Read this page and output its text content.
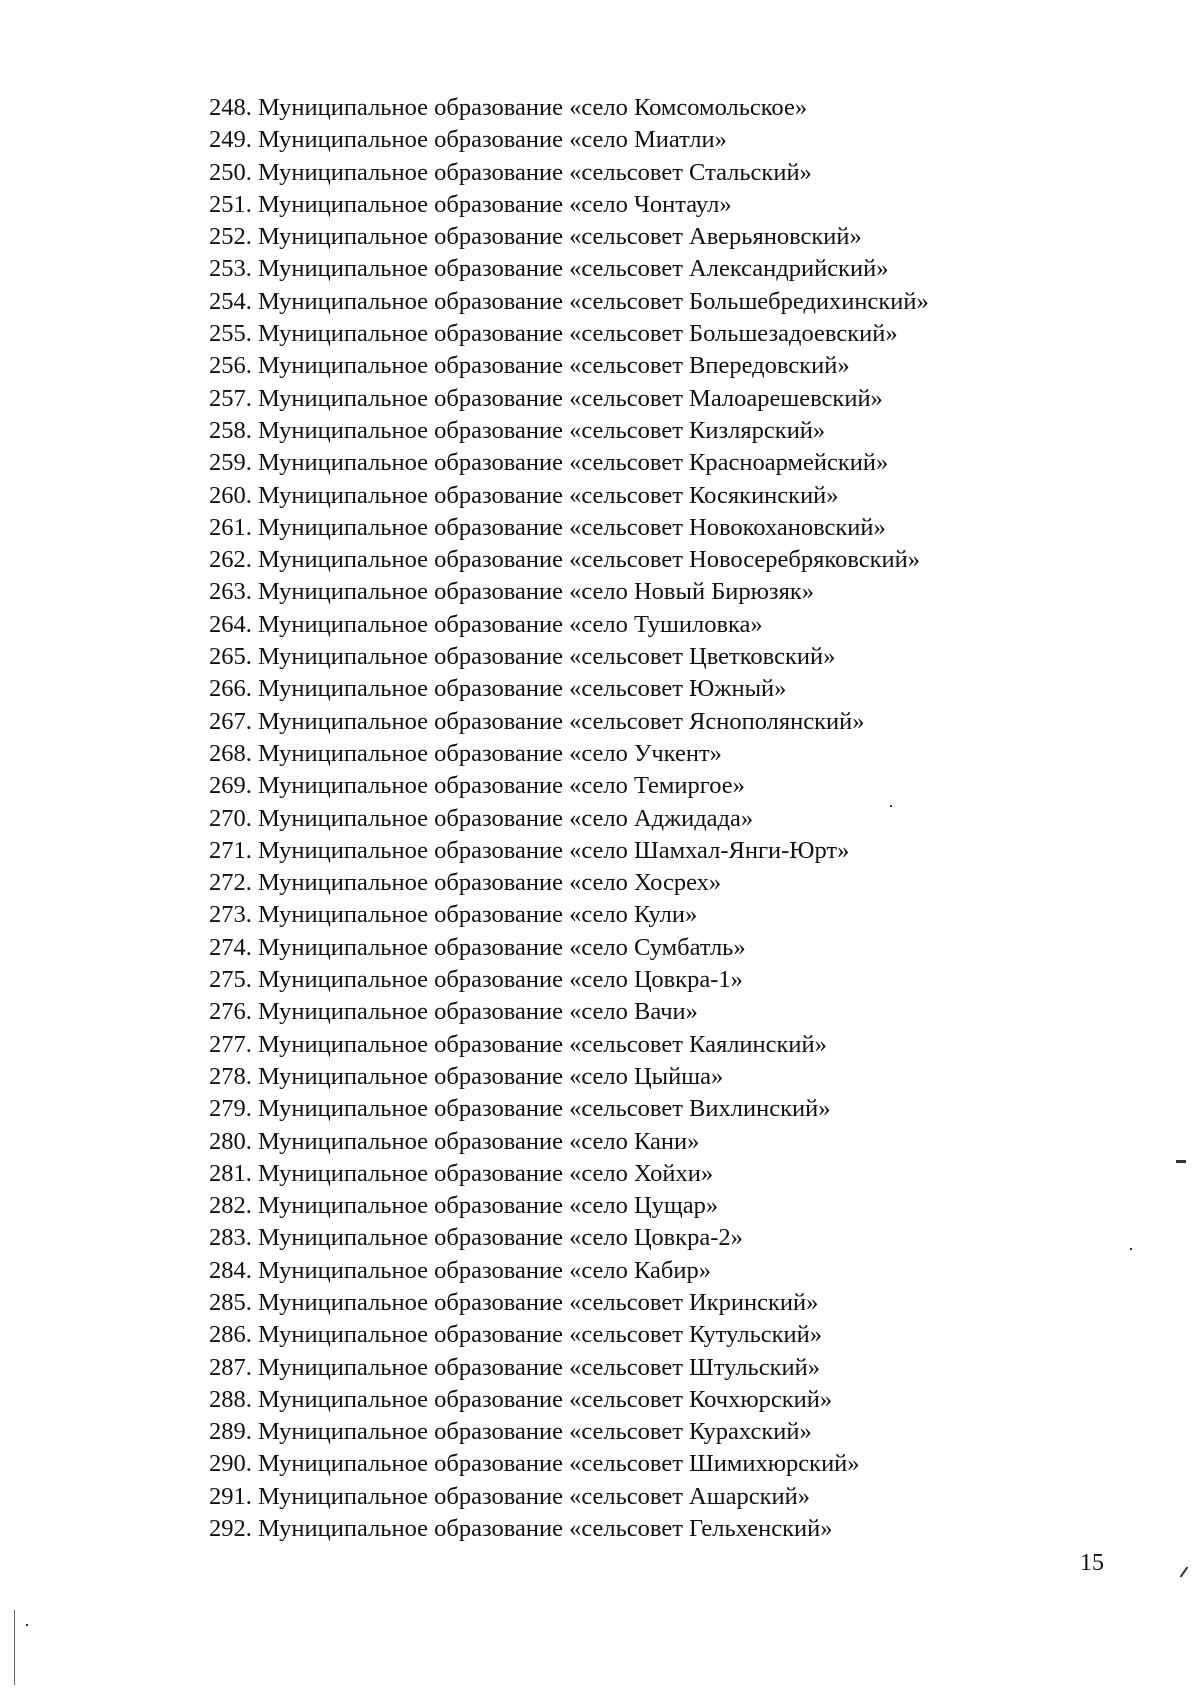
248. Муниципальное образование «село Комсомольское»
249. Муниципальное образование «село Миатли»
250. Муниципальное образование «сельсовет Стальский»
251. Муниципальное образование «село Чонтаул»
252. Муниципальное образование «сельсовет Аверьяновский»
253. Муниципальное образование «сельсовет Александрийский»
254. Муниципальное образование «сельсовет Большебредихинский»
255. Муниципальное образование «сельсовет Большезадоевский»
256. Муниципальное образование «сельсовет Впередовский»
257. Муниципальное образование «сельсовет Малоарешевский»
258. Муниципальное образование «сельсовет Кизлярский»
259. Муниципальное образование «сельсовет Красноармейский»
260. Муниципальное образование «сельсовет Косякинский»
261. Муниципальное образование «сельсовет Новокохановский»
262. Муниципальное образование «сельсовет Новосеребряковский»
263. Муниципальное образование «село Новый Бирюзяк»
264. Муниципальное образование «село Тушиловка»
265. Муниципальное образование «сельсовет Цветковский»
266. Муниципальное образование «сельсовет Южный»
267. Муниципальное образование «сельсовет Яснополянский»
268. Муниципальное образование «село Учкент»
269. Муниципальное образование «село Темиргое»
270. Муниципальное образование «село Аджидада»
271. Муниципальное образование «село Шамхал-Янги-Юрт»
272. Муниципальное образование «село Хосрех»
273. Муниципальное образование «село Кули»
274. Муниципальное образование «село Сумбатль»
275. Муниципальное образование «село Цовкра-1»
276. Муниципальное образование «село Вачи»
277. Муниципальное образование «сельсовет Каялинский»
278. Муниципальное образование «село Цыйша»
279. Муниципальное образование «сельсовет Вихлинский»
280. Муниципальное образование «село Кани»
281. Муниципальное образование «село Хойхи»
282. Муниципальное образование «село Цущар»
283. Муниципальное образование «село Цовкра-2»
284. Муниципальное образование «село Кабир»
285. Муниципальное образование «сельсовет Икринский»
286. Муниципальное образование «сельсовет Кутульский»
287. Муниципальное образование «сельсовет Штульский»
288. Муниципальное образование «сельсовет Кочхюрский»
289. Муниципальное образование «сельсовет Курахский»
290. Муниципальное образование «сельсовет Шимихюрский»
291. Муниципальное образование «сельсовет Ашарский»
292. Муниципальное образование «сельсовет Гельхенский»
15
